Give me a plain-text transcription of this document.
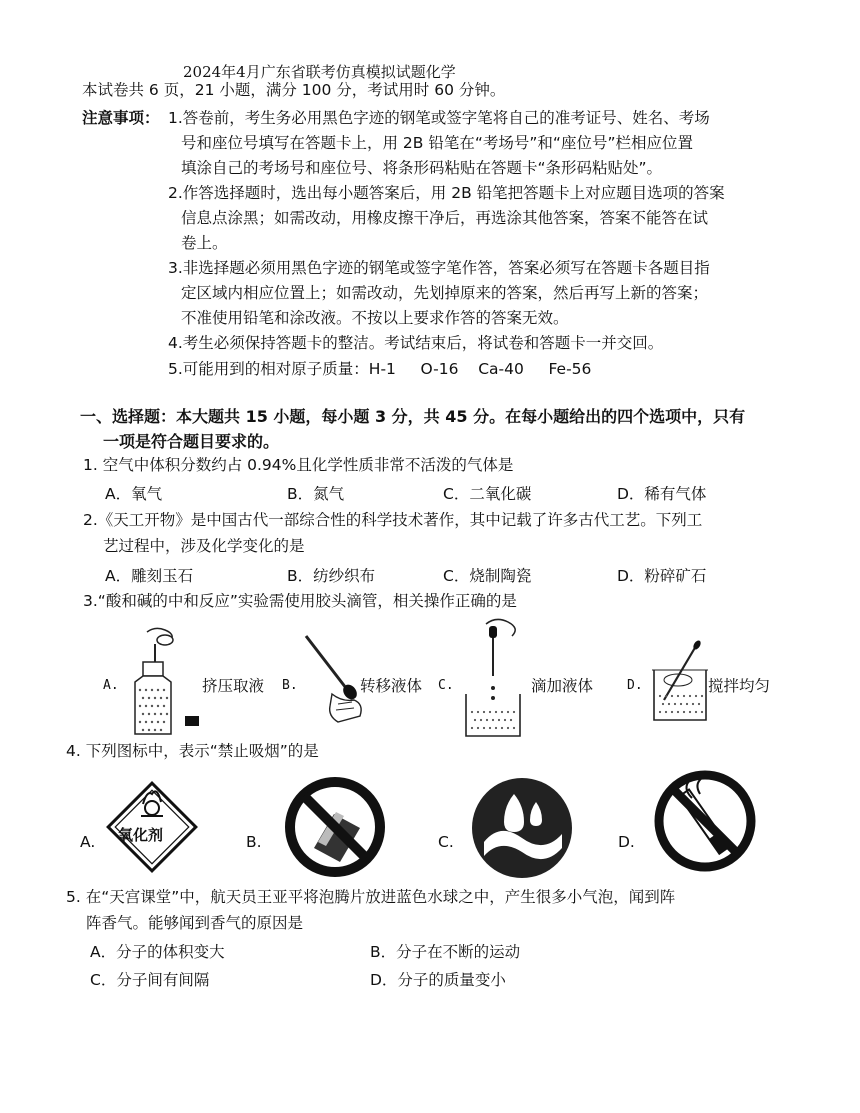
2024年4月广东省联考仿真模拟试题化学
本试卷共 6 页，21 小题，满分 100 分，考试用时 60 分钟。
注意事项： 1.答卷前，考生务必用黑色字迹的钢笔或签字笔将自己的准考证号、姓名、考场
号和座位号填写在答题卡上，用 2B 铅笔在“考场号”和“座位号”栏相应位置
填涂自己的考场号和座位号、将条形码粘贴在答题卡“条形码粘贴处”。
2.作答选择题时，选出每小题答案后，用 2B 铅笔把答题卡上对应题目选项的答案
信息点涂黑；如需改动，用橡皮擦干净后，再选涂其他答案，答案不能答在试
卷上。
3.非选择题必须用黑色字迹的钢笔或签字笔作答，答案必须写在答题卡各题目指
定区域内相应位置上；如需改动，先划掉原来的答案，然后再写上新的答案；
不准使用铅笔和涂改液。不按以上要求作答的答案无效。
4.考生必须保持答题卡的整洁。考试结束后，将试卷和答题卡一并交回。
5.可能用到的相对原子质量：H-1     O-16    Ca-40     Fe-56
一、选择题：本大题共 15 小题，每小题 3 分，共 45 分。在每小题给出的四个选项中，只有
一项是符合题目要求的。
1. 空气中体积分数约占 0.94%且化学性质非常不活泼的气体是
A．氧气	B．氮气	C．二氧化碳	D．稀有气体
2.《天工开物》是中国古代一部综合性的科学技术著作，其中记载了许多古代工艺。下列工
艺过程中，涉及化学变化的是
A．雕刻玉石	B．纺纱织布	C．烧制陶瓷	D．粉碎矿石
3.“酸和碱的中和反应”实验需使用胶头滴管，相关操作正确的是
A.	挤压取液 B.	转移液体 C.	滴加液体	D.	搅拌均匀
4. 下列图标中，表示“禁止吸烟”的是
A. 氧化剂	B.	C.	D.
5. 在“天宫课堂”中，航天员王亚平将泡腾片放进蓝色水球之中，产生很多小气泡，闻到阵
阵香气。能够闻到香气的原因是
A．分子的体积变大	B．分子在不断的运动
C．分子间有间隔	D．分子的质量变小
